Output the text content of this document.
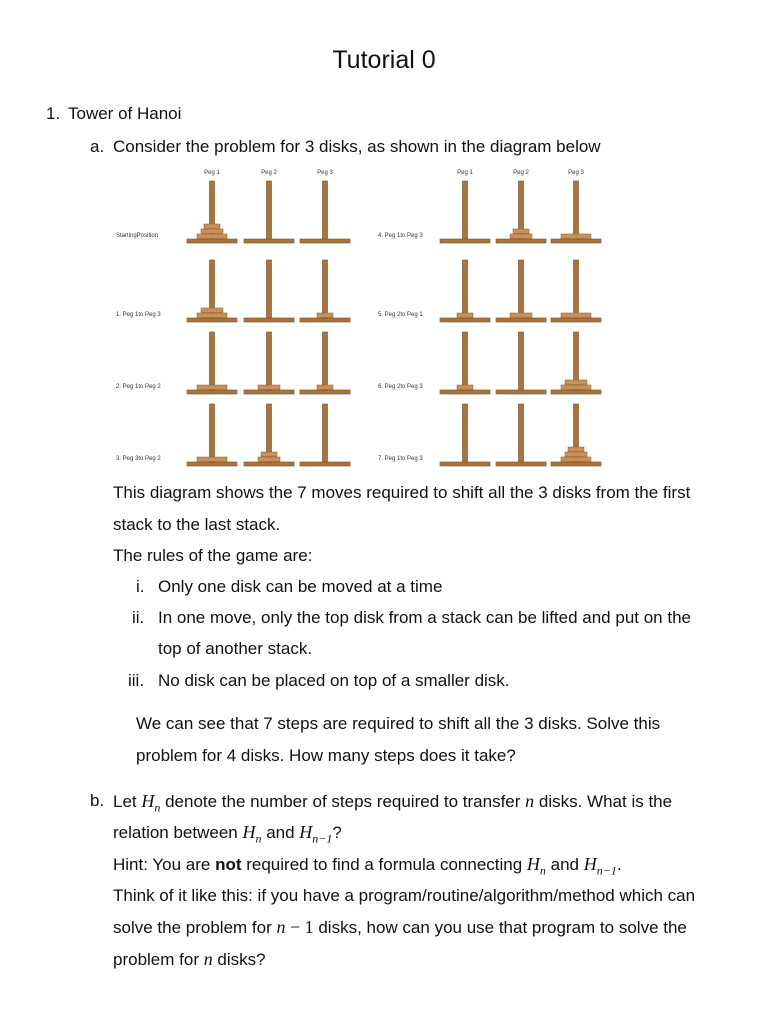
Tutorial 0
1. Tower of Hanoi
a. Consider the problem for 3 disks, as shown in the diagram below
Peg 1	Peg 2	Peg 3	Peg 1	Peg 2	Peg 3
StartingPosition
1. Peg 1to Peg 3
2. Peg 1to Peg 2
3. Peg 3to Peg 2
4. Peg 1to Peg 3
5. Peg 2to Peg 1
6. Peg 2to Peg 3
7. Peg 1to Peg 3
This diagram shows the 7 moves required to shift all the 3 disks from the first
stack to the last stack.
The rules of the game are:
i. Only one disk can be moved at a time
ii. In one move, only the top disk from a stack can be lifted and put on the
top of another stack.
iii. No disk can be placed on top of a smaller disk.
We can see that 7 steps are required to shift all the 3 disks. Solve this
problem for 4 disks. How many steps does it take?
b. Let $H_n$ denote the number of steps required to transfer n disks. What is the
relation between $H_n$ and $H_{n-1}$?
Hint: You are not required to find a formula connecting $H_n$ and $H_{n-1}$.
Think of it like this: if you have a program/routine/algorithm/method which can
solve the problem for n − 1 disks, how can you use that program to solve the
problem for n disks?
